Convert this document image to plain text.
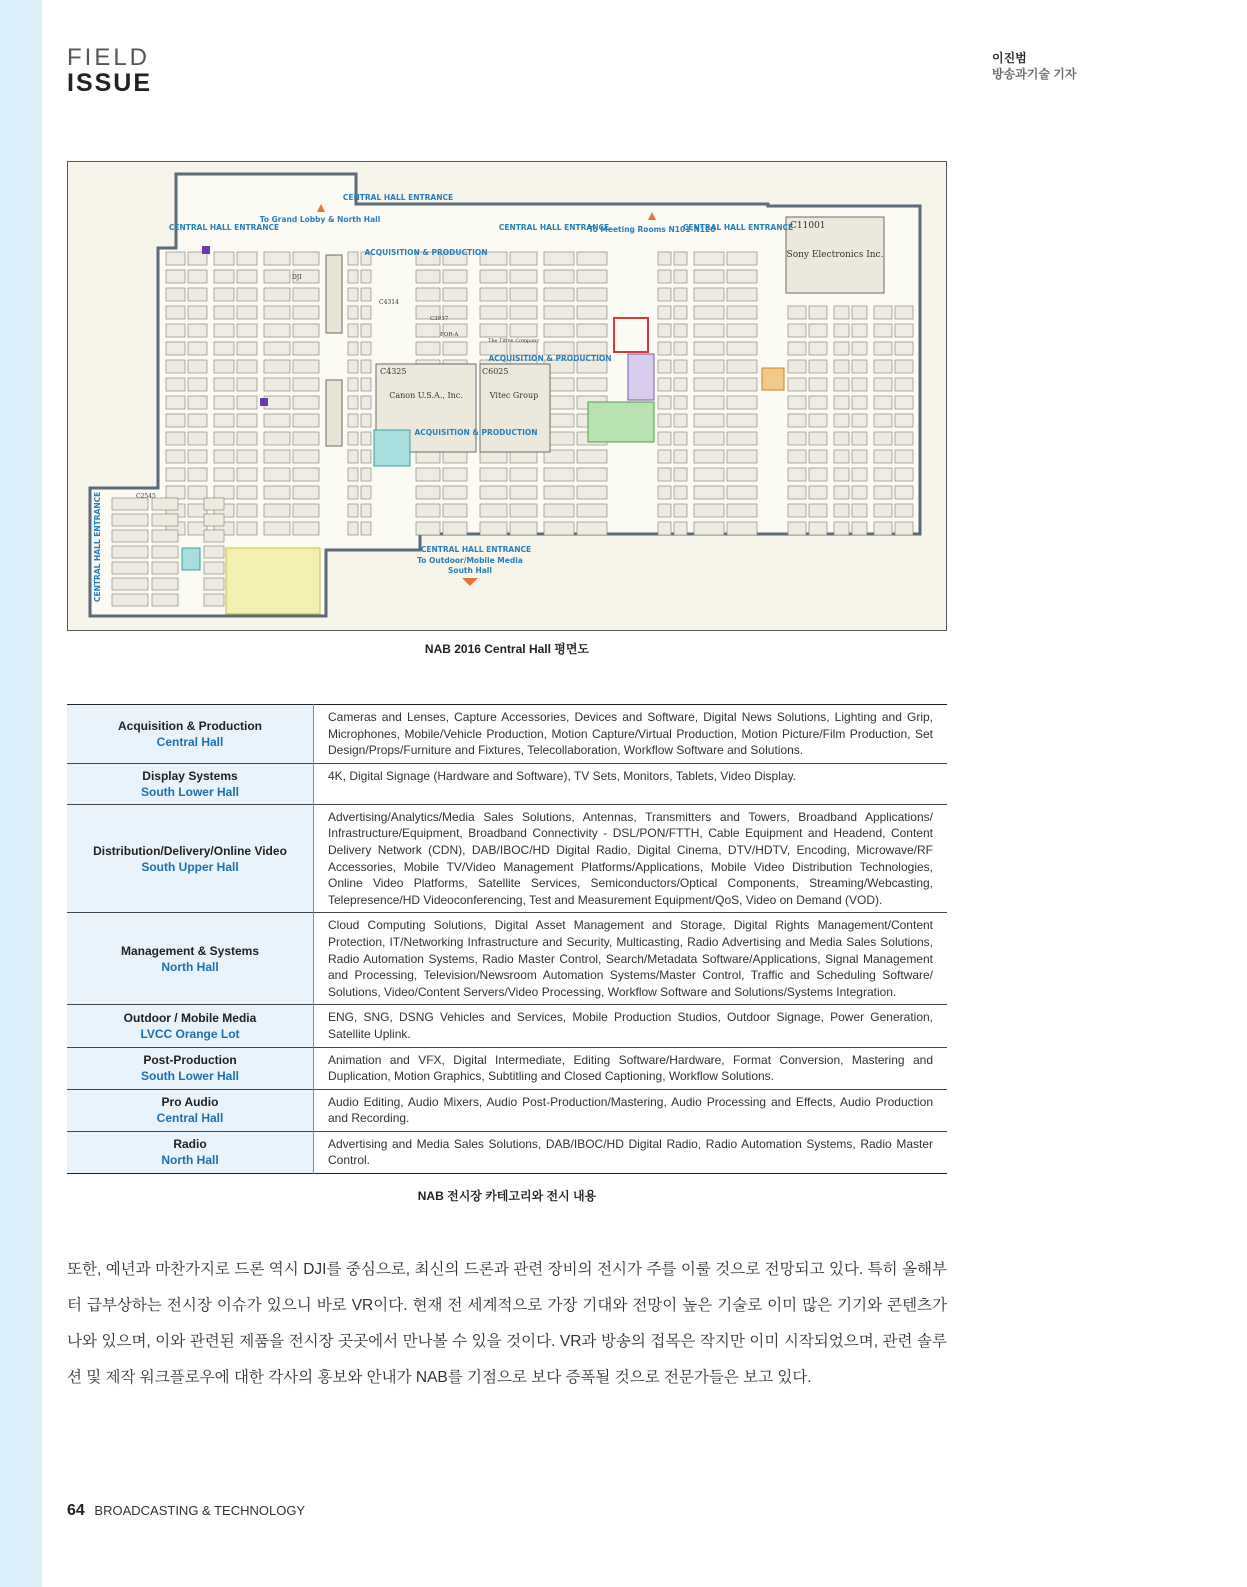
FIELD
ISSUE
이진범
방송과기술 기자
CENTRAL HALL ENTRANCE
CENTRAL HALL ENTRANCE
To Grand Lobby & North Hall
CENTRAL HALL ENTRANCE
To Meeting Rooms N101-N120
CENTRAL HALL ENTRANCE
ACQUISITION & PRODUCTION
ACQUISITION & PRODUCTION
ACQUISITION & PRODUCTION
CENTRAL HALL ENTRANCE
To Outdoor/Mobile Media
South Hall
CENTRAL HALL ENTRANCE
C11001
Sony Electronics Inc.
C4325
Canon U.S.A., Inc.
C6025
Vitec Group
C4314
C3937
C2545
DJI
FOR-A
The Tiffen Company
NAB 2016 Central Hall 평면도
Acquisition & Production
Central Hall	Cameras and Lenses, Capture Accessories, Devices and Software, Digital News Solutions, Lighting and Grip, Microphones, Mobile/Vehicle Production, Motion Capture/Virtual Production, Motion Picture/Film Production, Set Design/Props/Furniture and Fixtures, Telecollaboration, Workflow Software and Solutions.

Display Systems
South Lower Hall	4K, Digital Signage (Hardware and Software), TV Sets, Monitors, Tablets, Video Display.

Distribution/Delivery/Online Video
South Upper Hall	Advertising/Analytics/Media Sales Solutions, Antennas, Transmitters and Towers, Broadband Applications/ Infrastructure/Equipment, Broadband Connectivity - DSL/PON/FTTH, Cable Equipment and Headend, Content Delivery Network (CDN), DAB/IBOC/HD Digital Radio, Digital Cinema, DTV/HDTV, Encoding, Microwave/RF Accessories, Mobile TV/Video Management Platforms/Applications, Mobile Video Distribution Technologies, Online Video Platforms, Satellite Services, Semiconductors/Optical Components, Streaming/Webcasting, Telepresence/HD Videoconferencing, Test and Measurement Equipment/QoS, Video on Demand (VOD).

Management & Systems
North Hall	Cloud Computing Solutions, Digital Asset Management and Storage, Digital Rights Management/Content Protection, IT/Networking Infrastructure and Security, Multicasting, Radio Advertising and Media Sales Solutions, Radio Automation Systems, Radio Master Control, Search/Metadata Software/Applications, Signal Management and Processing, Television/Newsroom Automation Systems/Master Control, Traffic and Scheduling Software/ Solutions, Video/Content Servers/Video Processing, Workflow Software and Solutions/Systems Integration.

Outdoor / Mobile Media
LVCC Orange Lot	ENG, SNG, DSNG Vehicles and Services, Mobile Production Studios, Outdoor Signage, Power Generation, Satellite Uplink.

Post-Production
South Lower Hall	Animation and VFX, Digital Intermediate, Editing Software/Hardware, Format Conversion, Mastering and Duplication, Motion Graphics, Subtitling and Closed Captioning, Workflow Solutions.

Pro Audio
Central Hall	Audio Editing, Audio Mixers, Audio Post-Production/Mastering, Audio Processing and Effects, Audio Production and Recording.

Radio
North Hall	Advertising and Media Sales Solutions, DAB/IBOC/HD Digital Radio, Radio Automation Systems, Radio Master Control.
NAB 전시장 카테고리와 전시 내용
또한, 예년과 마찬가지로 드론 역시 DJI를 중심으로, 최신의 드론과 관련 장비의 전시가 주를 이룰 것으로 전망되고 있다. 특히 올해부터 급부상하는 전시장 이슈가 있으니 바로 VR이다. 현재 전 세계적으로 가장 기대와 전망이 높은 기술로 이미 많은 기기와 콘텐츠가 나와 있으며, 이와 관련된 제품을 전시장 곳곳에서 만나볼 수 있을 것이다. VR과 방송의 접목은 작지만 이미 시작되었으며, 관련 솔루션 및 제작 워크플로우에 대한 각사의 홍보와 안내가 NAB를 기점으로 보다 증폭될 것으로 전문가들은 보고 있다.
64 BROADCASTING & TECHNOLOGY
